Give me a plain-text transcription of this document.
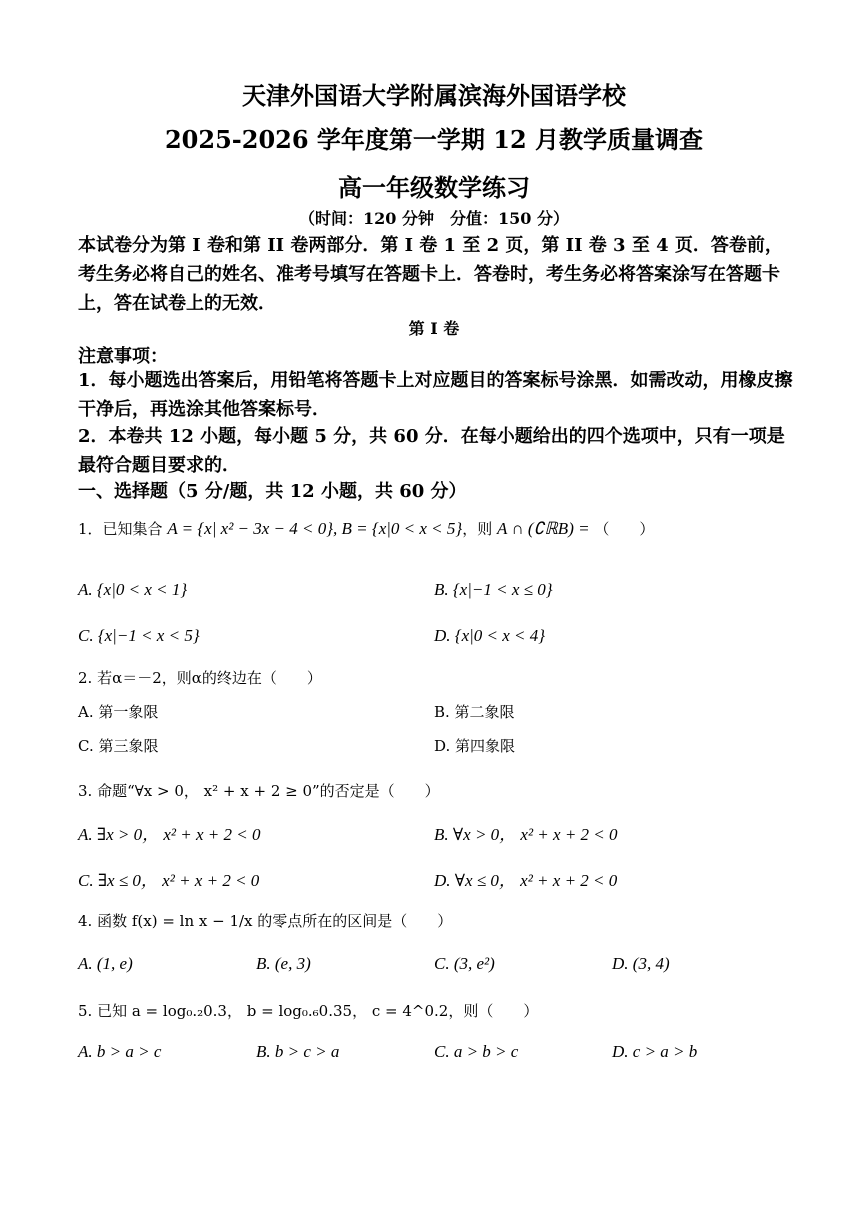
天津外国语大学附属滨海外国语学校
2025-2026 学年度第一学期 12 月教学质量调查
高一年级数学练习
（时间：120 分钟　分值：150 分）
本试卷分为第 I 卷和第 II 卷两部分．第 I 卷 1 至 2 页，第 II 卷 3 至 4 页．答卷前，考生务必将自己的姓名、准考号填写在答题卡上．答卷时，考生务必将答案涂写在答题卡上，答在试卷上的无效．
第 I 卷
注意事项：
1．每小题选出答案后，用铅笔将答题卡上对应题目的答案标号涂黑．如需改动，用橡皮擦干净后，再选涂其他答案标号．
2．本卷共 12 小题，每小题 5 分，共 60 分．在每小题给出的四个选项中，只有一项是最符合题目要求的．
一、选择题（5 分/题，共 12 小题，共 60 分）
1．已知集合 A = {x| x² − 3x − 4 < 0}, B = {x|0 < x < 5}，则 A ∩ (∁ℝB) = （　　）
A. {x|0 < x < 1}	B. {x|−1 < x ≤ 0}
C. {x|−1 < x < 5}	D. {x|0 < x < 4}
2. 若α＝－2，则α的终边在（　　）
A. 第一象限	B. 第二象限
C. 第三象限	D. 第四象限
3. 命题“∀x > 0， x² + x + 2 ≥ 0”的否定是（　　）
A. ∃x > 0， x² + x + 2 < 0	B. ∀x > 0， x² + x + 2 < 0
C. ∃x ≤ 0， x² + x + 2 < 0	D. ∀x ≤ 0， x² + x + 2 < 0
4. 函数 f(x) = ln x − 1/x 的零点所在的区间是（　　）
A. (1, e)	B. (e, 3)	C. (3, e²)	D. (3, 4)
5. 已知 a = log₀.₂0.3， b = log₀.₆0.35， c = 4^0.2，则（　　）
A. b > a > c	B. b > c > a	C. a > b > c	D. c > a > b
